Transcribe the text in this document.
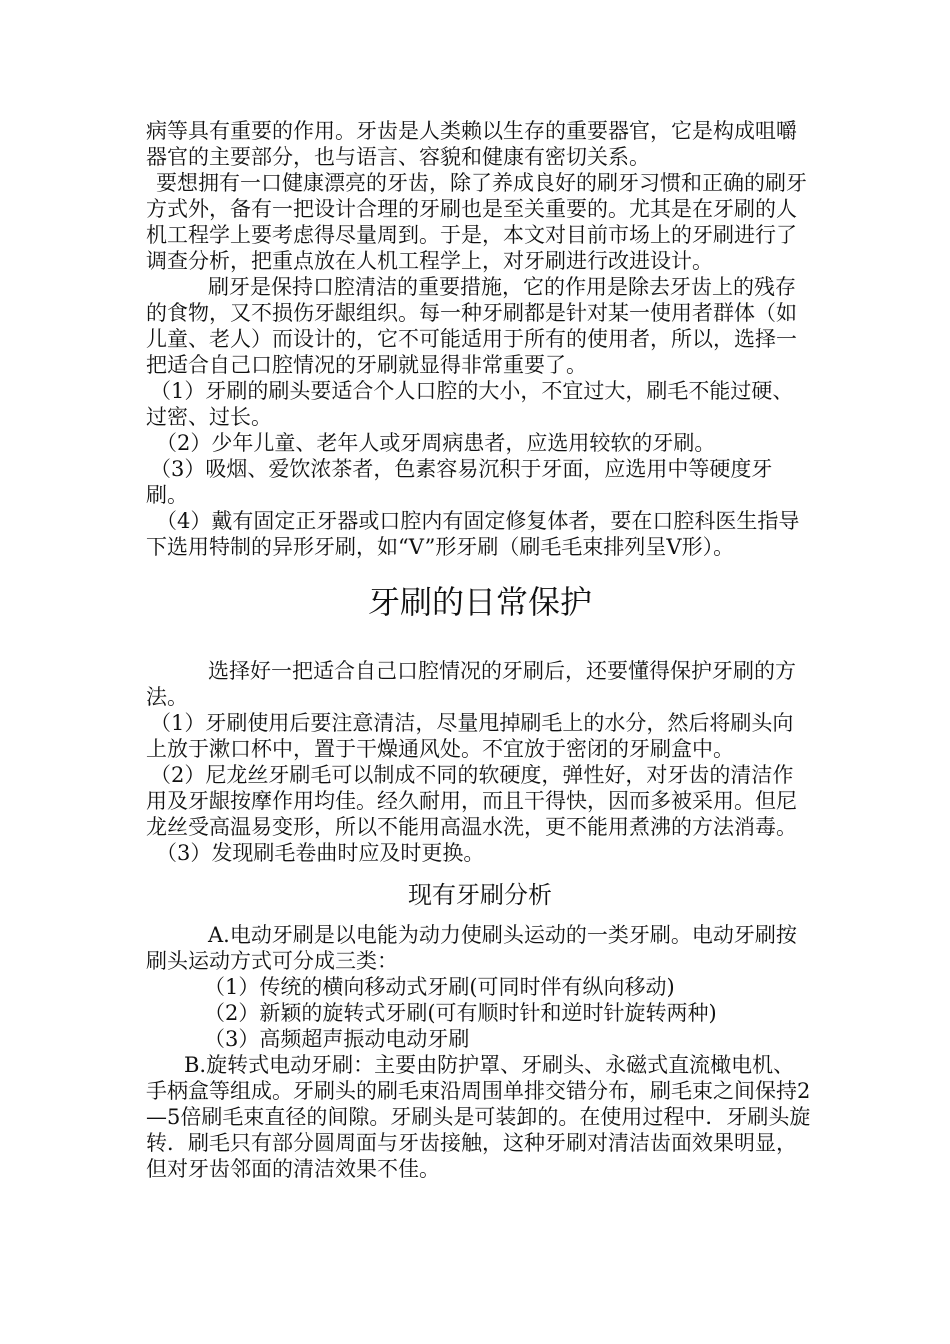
病等具有重要的作用。牙齿是人类赖以生存的重要器官，它是构成咀嚼器官的主要部分，也与语言、容貌和健康有密切关系。

要想拥有一口健康漂亮的牙齿，除了养成良好的刷牙习惯和正确的刷牙方式外，备有一把设计合理的牙刷也是至关重要的。尤其是在牙刷的人机工程学上要考虑得尽量周到。于是，本文对目前市场上的牙刷进行了调查分析，把重点放在人机工程学上，对牙刷进行改进设计。

刷牙是保持口腔清洁的重要措施，它的作用是除去牙齿上的残存的食物，又不损伤牙龈组织。每一种牙刷都是针对某一使用者群体（如儿童、老人）而设计的，它不可能适用于所有的使用者，所以，选择一把适合自己口腔情况的牙刷就显得非常重要了。

（1）牙刷的刷头要适合个人口腔的大小，不宜过大，刷毛不能过硬、过密、过长。

（2）少年儿童、老年人或牙周病患者，应选用较软的牙刷。

（3）吸烟、爱饮浓茶者，色素容易沉积于牙面，应选用中等硬度牙刷。

（4）戴有固定正牙器或口腔内有固定修复体者，要在口腔科医生指导下选用特制的异形牙刷，如“V”形牙刷（刷毛毛束排列呈V形）。

牙刷的日常保护

选择好一把适合自己口腔情况的牙刷后，还要懂得保护牙刷的方法。

（1）牙刷使用后要注意清洁，尽量甩掉刷毛上的水分，然后将刷头向上放于漱口杯中，置于干燥通风处。不宜放于密闭的牙刷盒中。

（2）尼龙丝牙刷毛可以制成不同的软硬度，弹性好，对牙齿的清洁作用及牙龈按摩作用均佳。经久耐用，而且干得快，因而多被采用。但尼龙丝受高温易变形，所以不能用高温水洗，更不能用煮沸的方法消毒。

（3）发现刷毛卷曲时应及时更换。

现有牙刷分析

A.电动牙刷是以电能为动力使刷头运动的一类牙刷。电动牙刷按刷头运动方式可分成三类：

（1）传统的横向移动式牙刷(可同时伴有纵向移动)

（2）新颖的旋转式牙刷(可有顺时针和逆时针旋转两种)

（3）高频超声振动电动牙刷

B.旋转式电动牙刷：主要由防护罩、牙刷头、永磁式直流橄电机、手柄盒等组成。牙刷头的刷毛束沿周围单排交错分布，刷毛束之间保持2—5倍刷毛束直径的间隙。牙刷头是可装卸的。在使用过程中．牙刷头旋转．刷毛只有部分圆周面与牙齿接触，这种牙刷对清洁齿面效果明显，但对牙齿邻面的清洁效果不佳。
